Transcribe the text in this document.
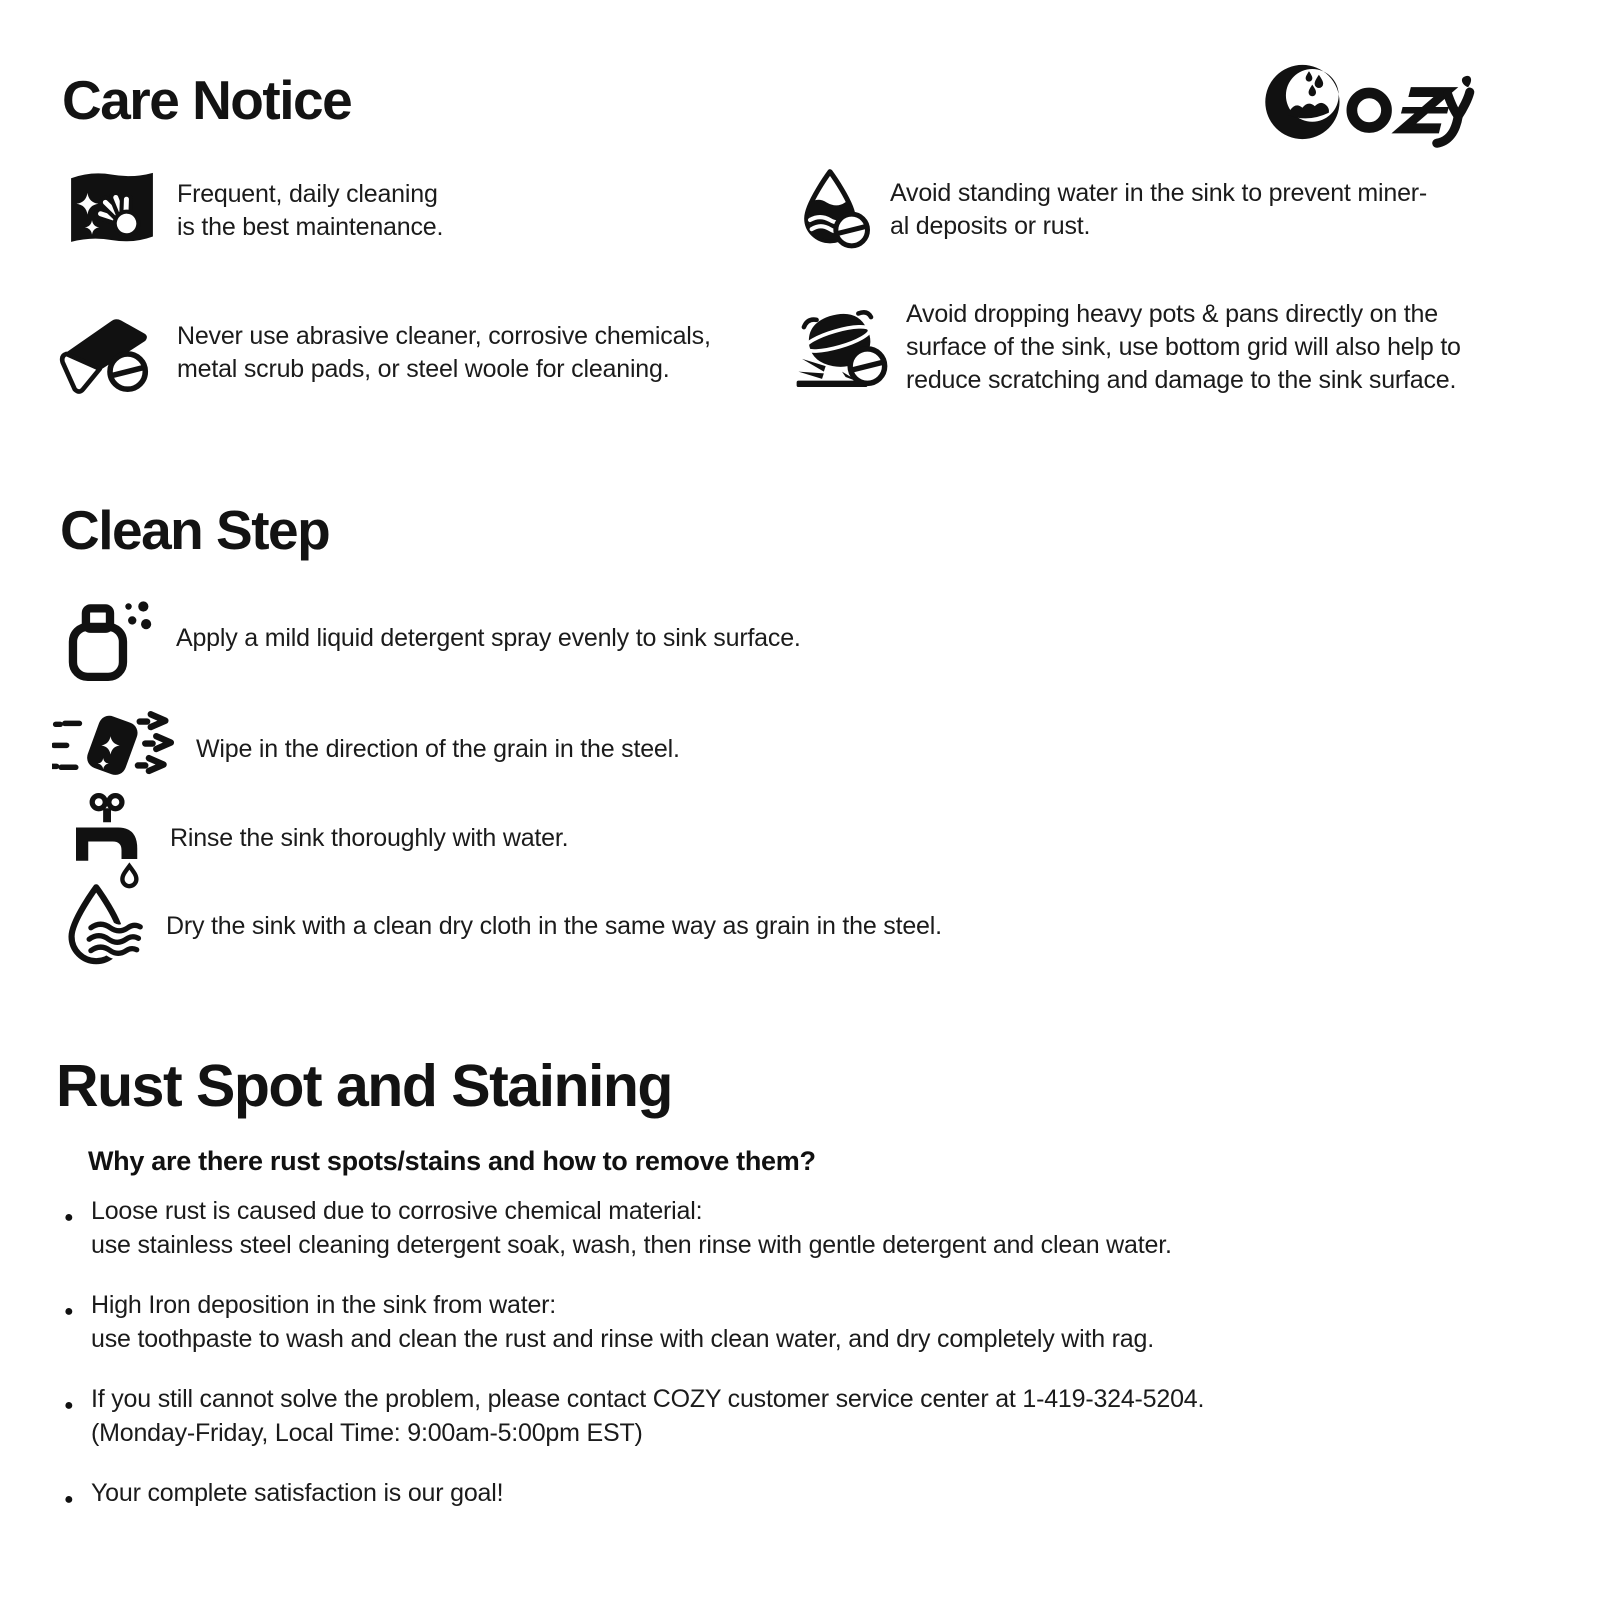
Care Notice
Frequent, daily cleaning
is the best maintenance.
Avoid standing water in the sink to prevent miner-
al deposits or rust.
Never use abrasive cleaner, corrosive chemicals,
metal scrub pads, or steel woole for cleaning.
Avoid dropping heavy pots & pans directly on the
surface of the sink, use bottom grid will also help to
reduce scratching and damage to the sink surface.
Clean Step
Apply a mild liquid detergent spray evenly to sink surface.
Wipe in the direction of the grain in the steel.
Rinse the sink thoroughly with water.
Dry the sink with a clean dry cloth in the same way as grain in the steel.
Rust Spot and Staining
Why are there rust spots/stains and how to remove them?
● Loose rust is caused due to corrosive chemical material:
use stainless steel cleaning detergent soak, wash, then rinse with gentle detergent and clean water.
● High Iron deposition in the sink from water:
use toothpaste to wash and clean the rust and rinse with clean water, and dry completely with rag.
● If you still cannot solve the problem, please contact COZY customer service center at 1-419-324-5204.
(Monday-Friday, Local Time: 9:00am-5:00pm EST)
● Your complete satisfaction is our goal!
